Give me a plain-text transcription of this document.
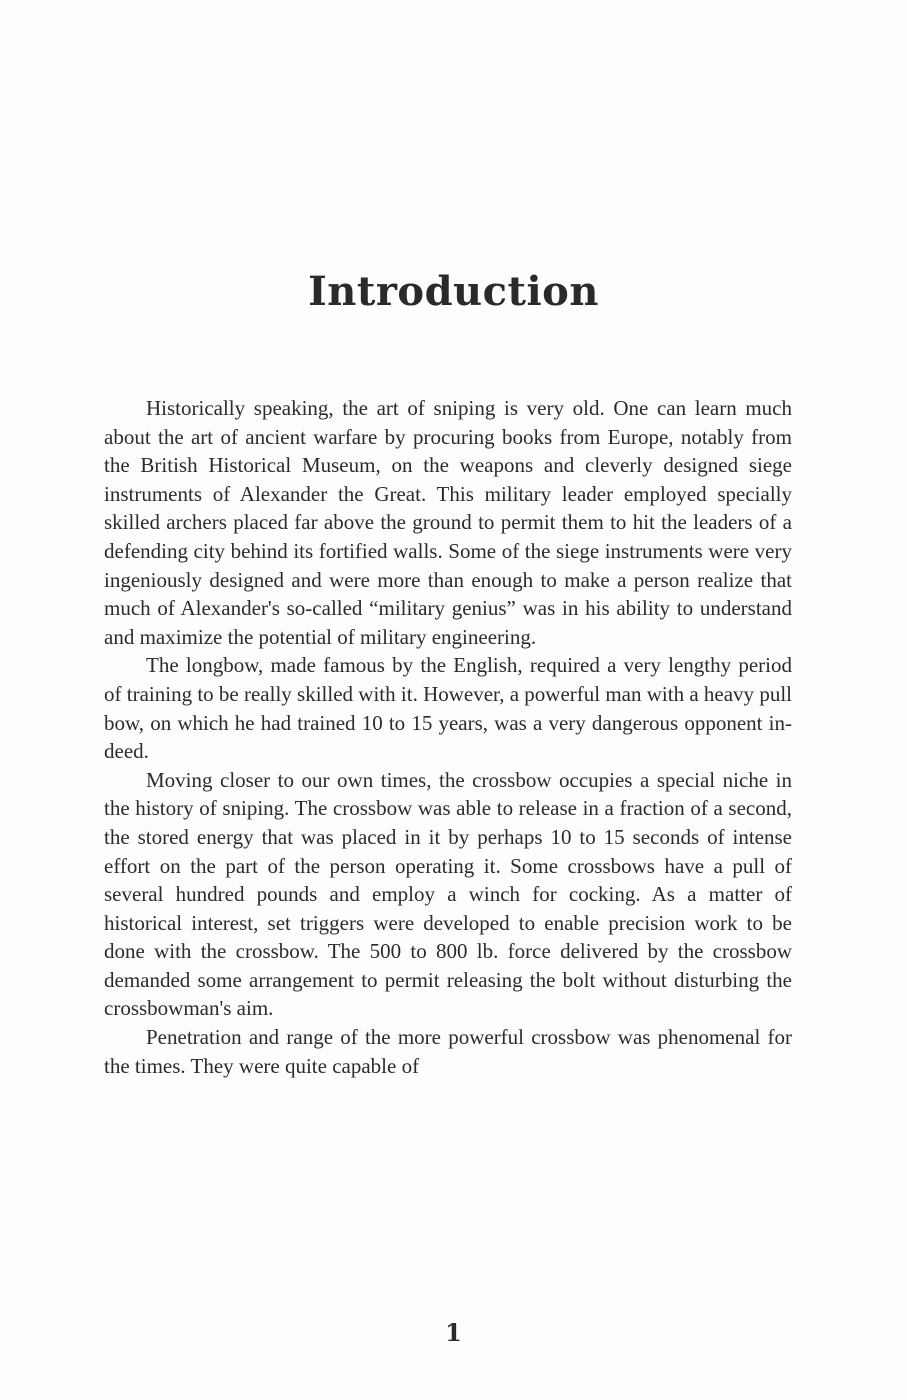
Introduction

Historically speaking, the art of sniping is very old. One can learn much about the art of ancient warfare by procuring books from Europe, notably from the British Historical Museum, on the weapons and cleverly designed siege instruments of Alexander the Great. This military leader employed specially skilled archers placed far above the ground to permit them to hit the leaders of a defending city behind its fortified walls. Some of the siege instruments were very ingeniously designed and were more than enough to make a person realize that much of Alexander's so-called “military genius” was in his ability to understand and maximize the potential of military engineering.

The longbow, made famous by the English, required a very lengthy period of training to be really skilled with it. However, a powerful man with a heavy pull bow, on which he had trained 10 to 15 years, was a very dangerous opponent indeed.

Moving closer to our own times, the crossbow occupies a special niche in the history of sniping. The crossbow was able to release in a fraction of a second, the stored energy that was placed in it by perhaps 10 to 15 seconds of intense effort on the part of the person operating it. Some crossbows have a pull of several hundred pounds and employ a winch for cocking. As a matter of historical interest, set triggers were developed to enable precision work to be done with the crossbow. The 500 to 800 lb. force delivered by the crossbow demanded some arrangement to permit releasing the bolt without disturbing the crossbowman's aim.

Penetration and range of the more powerful crossbow was phenomenal for the times. They were quite capable of

1
